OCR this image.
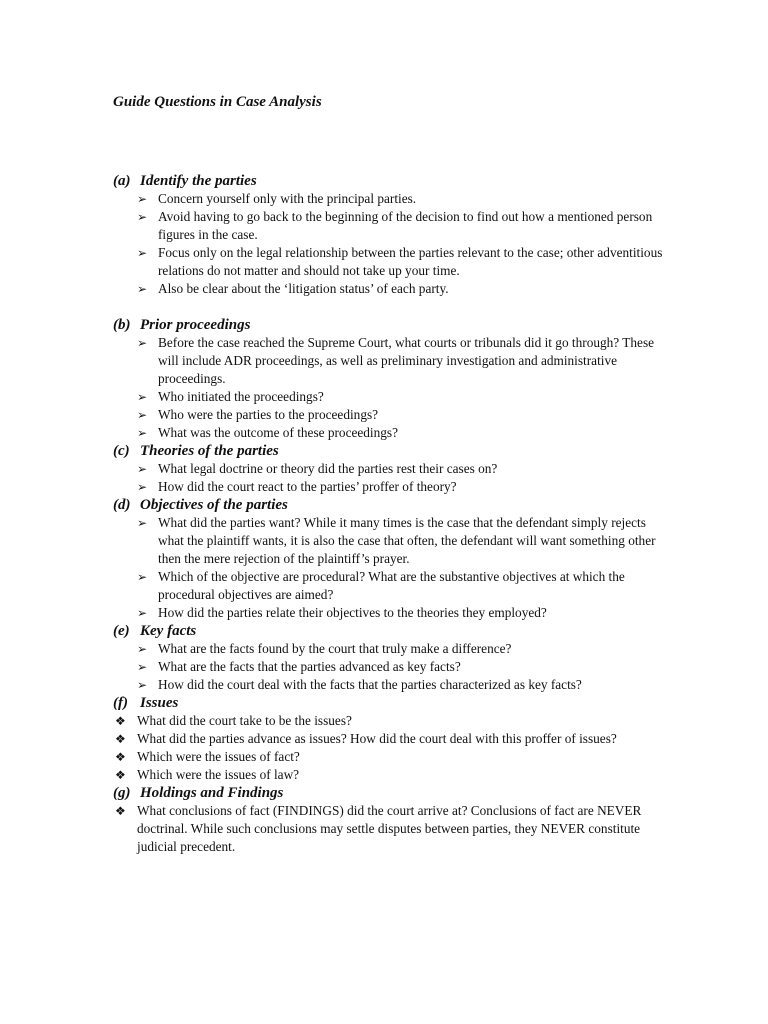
Guide Questions in Case Analysis
(a) Identify the parties
➢ Concern yourself only with the principal parties.
➢ Avoid having to go back to the beginning of the decision to find out how a mentioned person figures in the case.
➢ Focus only on the legal relationship between the parties relevant to the case; other adventitious relations do not matter and should not take up your time.
➢ Also be clear about the ‘litigation status’ of each party.
(b) Prior proceedings
➢ Before the case reached the Supreme Court, what courts or tribunals did it go through? These will include ADR proceedings, as well as preliminary investigation and administrative proceedings.
➢ Who initiated the proceedings?
➢ Who were the parties to the proceedings?
➢ What was the outcome of these proceedings?
(c) Theories of the parties
➢ What legal doctrine or theory did the parties rest their cases on?
➢ How did the court react to the parties’ proffer of theory?
(d) Objectives of the parties
➢ What did the parties want? While it many times is the case that the defendant simply rejects what the plaintiff wants, it is also the case that often, the defendant will want something other then the mere rejection of the plaintiff’s prayer.
➢ Which of the objective are procedural? What are the substantive objectives at which the procedural objectives are aimed?
➢ How did the parties relate their objectives to the theories they employed?
(e) Key facts
➢ What are the facts found by the court that truly make a difference?
➢ What are the facts that the parties advanced as key facts?
➢ How did the court deal with the facts that the parties characterized as key facts?
(f) Issues
❖ What did the court take to be the issues?
❖ What did the parties advance as issues? How did the court deal with this proffer of issues?
❖ Which were the issues of fact?
❖ Which were the issues of law?
(g) Holdings and Findings
❖ What conclusions of fact (FINDINGS) did the court arrive at? Conclusions of fact are NEVER doctrinal. While such conclusions may settle disputes between parties, they NEVER constitute judicial precedent.
